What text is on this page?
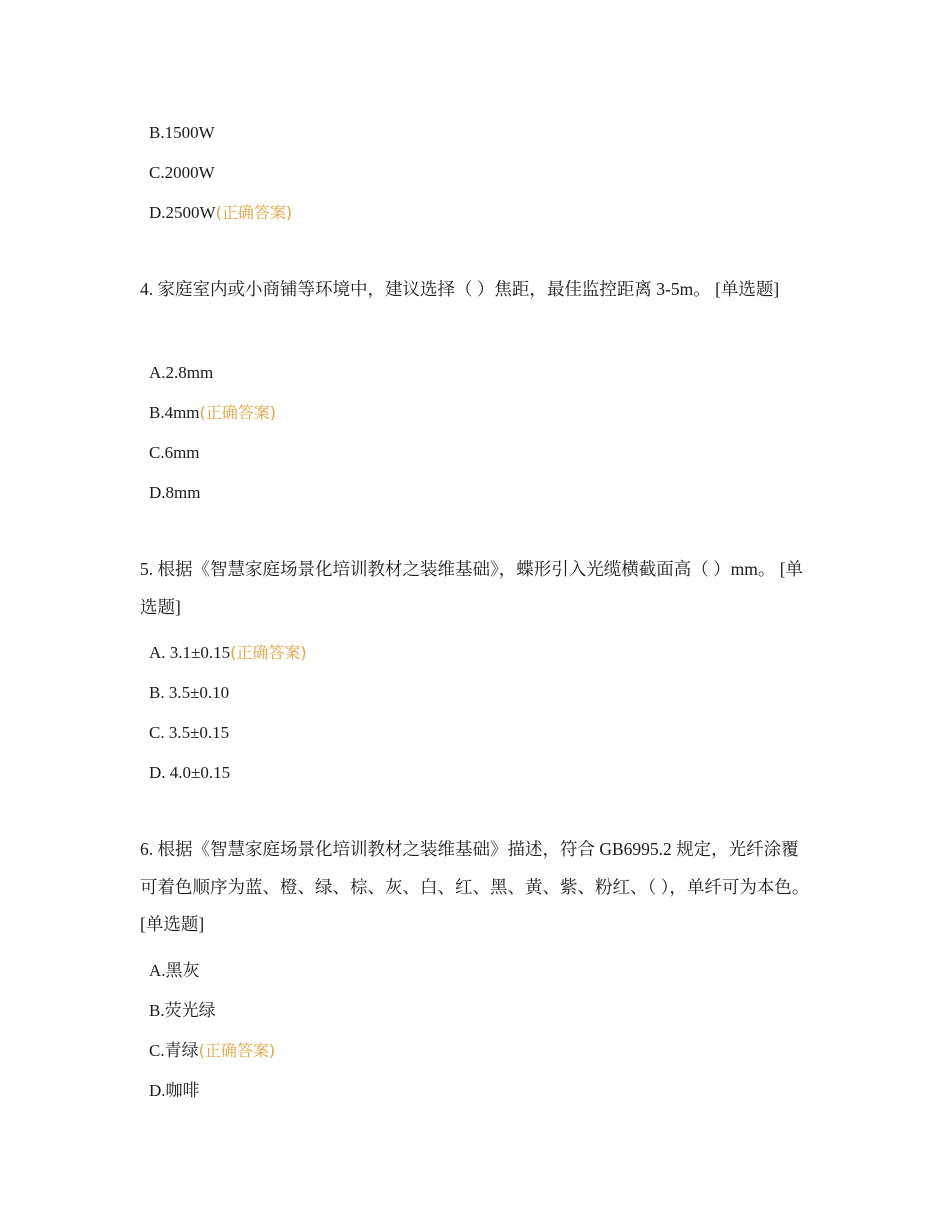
B.1500W
C.2000W
D.2500W(正确答案)
4. 家庭室内或小商铺等环境中，建议选择（ ）焦距，最佳监控距离 3-5m。 [单选题]
A.2.8mm
B.4mm(正确答案)
C.6mm
D.8mm
5. 根据《智慧家庭场景化培训教材之装维基础》，蝶形引入光缆横截面高（ ）mm。 [单选题]
A. 3.1±0.15(正确答案)
B. 3.5±0.10
C. 3.5±0.15
D. 4.0±0.15
6. 根据《智慧家庭场景化培训教材之装维基础》描述，符合 GB6995.2 规定，光纤涂覆可着色顺序为蓝、橙、绿、棕、灰、白、红、黑、黄、紫、粉红、（ ），单纤可为本色。 [单选题]
A.黑灰
B.荧光绿
C.青绿(正确答案)
D.咖啡
